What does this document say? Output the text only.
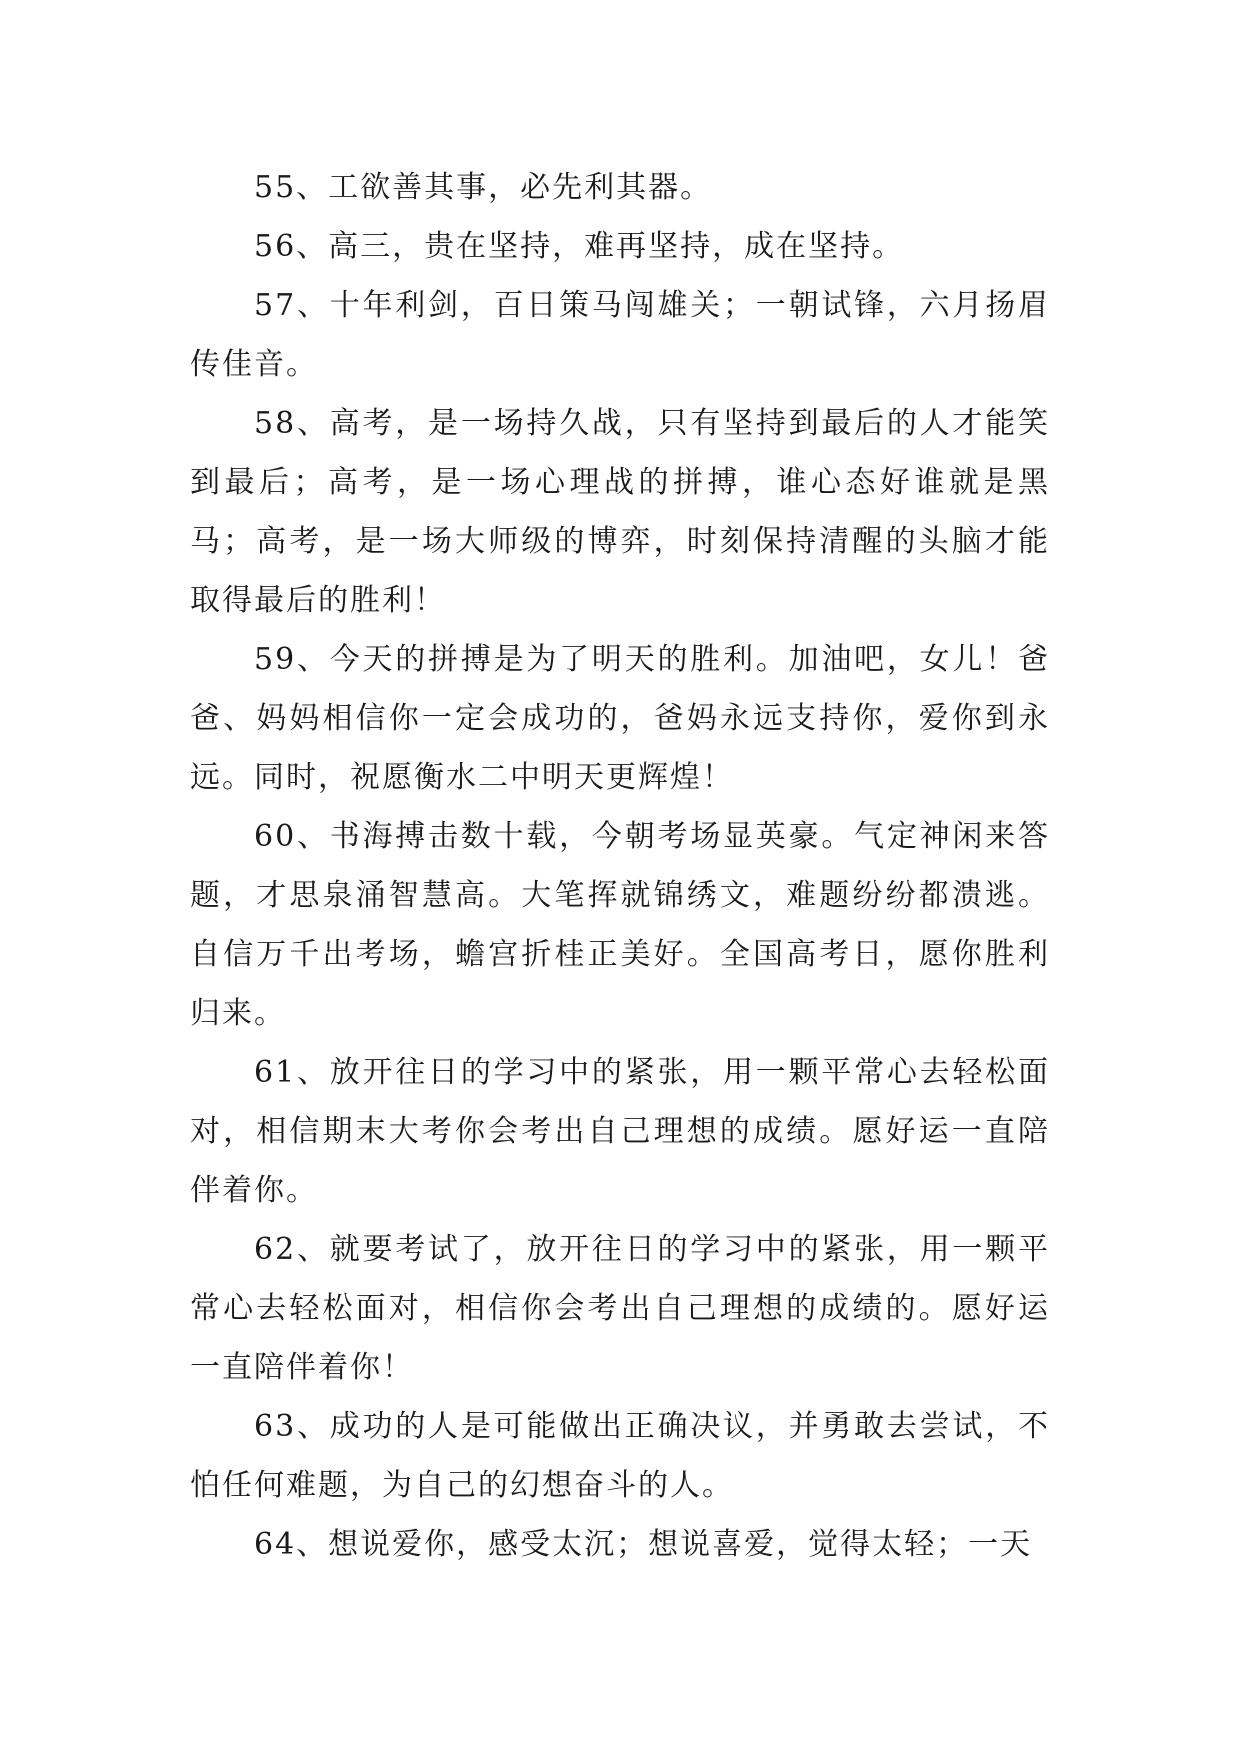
55、工欲善其事，必先利其器。

56、高三，贵在坚持，难再坚持，成在坚持。

57、十年利剑，百日策马闯雄关；一朝试锋，六月扬眉传佳音。

58、高考，是一场持久战，只有坚持到最后的人才能笑到最后；高考，是一场心理战的拼搏，谁心态好谁就是黑马；高考，是一场大师级的博弈，时刻保持清醒的头脑才能取得最后的胜利！

59、今天的拼搏是为了明天的胜利。加油吧，女儿！爸爸、妈妈相信你一定会成功的，爸妈永远支持你，爱你到永远。同时，祝愿衡水二中明天更辉煌！

60、书海搏击数十载，今朝考场显英豪。气定神闲来答题，才思泉涌智慧高。大笔挥就锦绣文，难题纷纷都溃逃。自信万千出考场，蟾宫折桂正美好。全国高考日，愿你胜利归来。

61、放开往日的学习中的紧张，用一颗平常心去轻松面对，相信期末大考你会考出自己理想的成绩。愿好运一直陪伴着你。

62、就要考试了，放开往日的学习中的紧张，用一颗平常心去轻松面对，相信你会考出自己理想的成绩的。愿好运一直陪伴着你！

63、成功的人是可能做出正确决议，并勇敢去尝试，不怕任何难题，为自己的幻想奋斗的人。

64、想说爱你，感受太沉；想说喜爱，觉得太轻；一天
